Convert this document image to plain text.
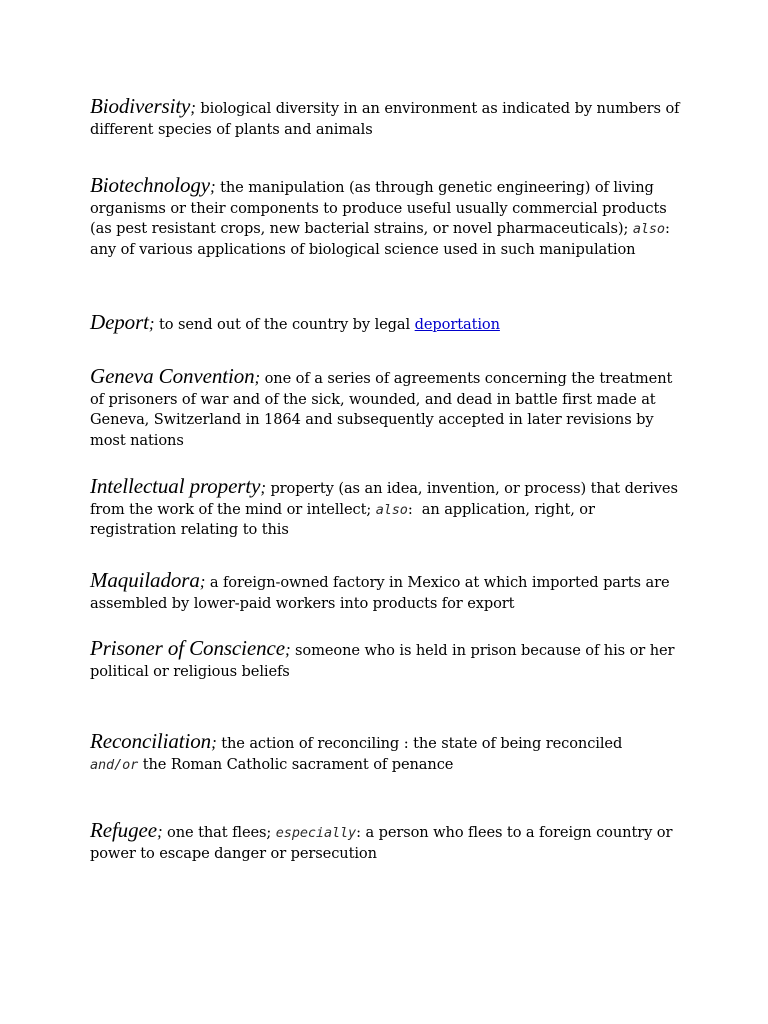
Biodiversity; biological diversity in an environment as indicated by numbers of different species of plants and animals

Biotechnology; the manipulation (as through genetic engineering) of living organisms or their components to produce useful usually commercial products (as pest resistant crops, new bacterial strains, or novel pharmaceuticals); also:  any of various applications of biological science used in such manipulation

Deport; to send out of the country by legal deportation

Geneva Convention; one of a series of agreements concerning the treatment of prisoners of war and of the sick, wounded, and dead in battle first made at Geneva, Switzerland in 1864 and subsequently accepted in later revisions by most nations

Intellectual property; property (as an idea, invention, or process) that derives from the work of the mind or intellect; also: an application, right, or registration relating to this

Maquiladora; a foreign-owned factory in Mexico at which imported parts are assembled by lower-paid workers into products for export

Prisoner of Conscience; someone who is held in prison because of his or her political or religious beliefs

Reconciliation; the action of reconciling : the state of being reconciled
and/or the Roman Catholic sacrament of penance

Refugee; one that flees; especially: a person who flees to a foreign country or power to escape danger or persecution
